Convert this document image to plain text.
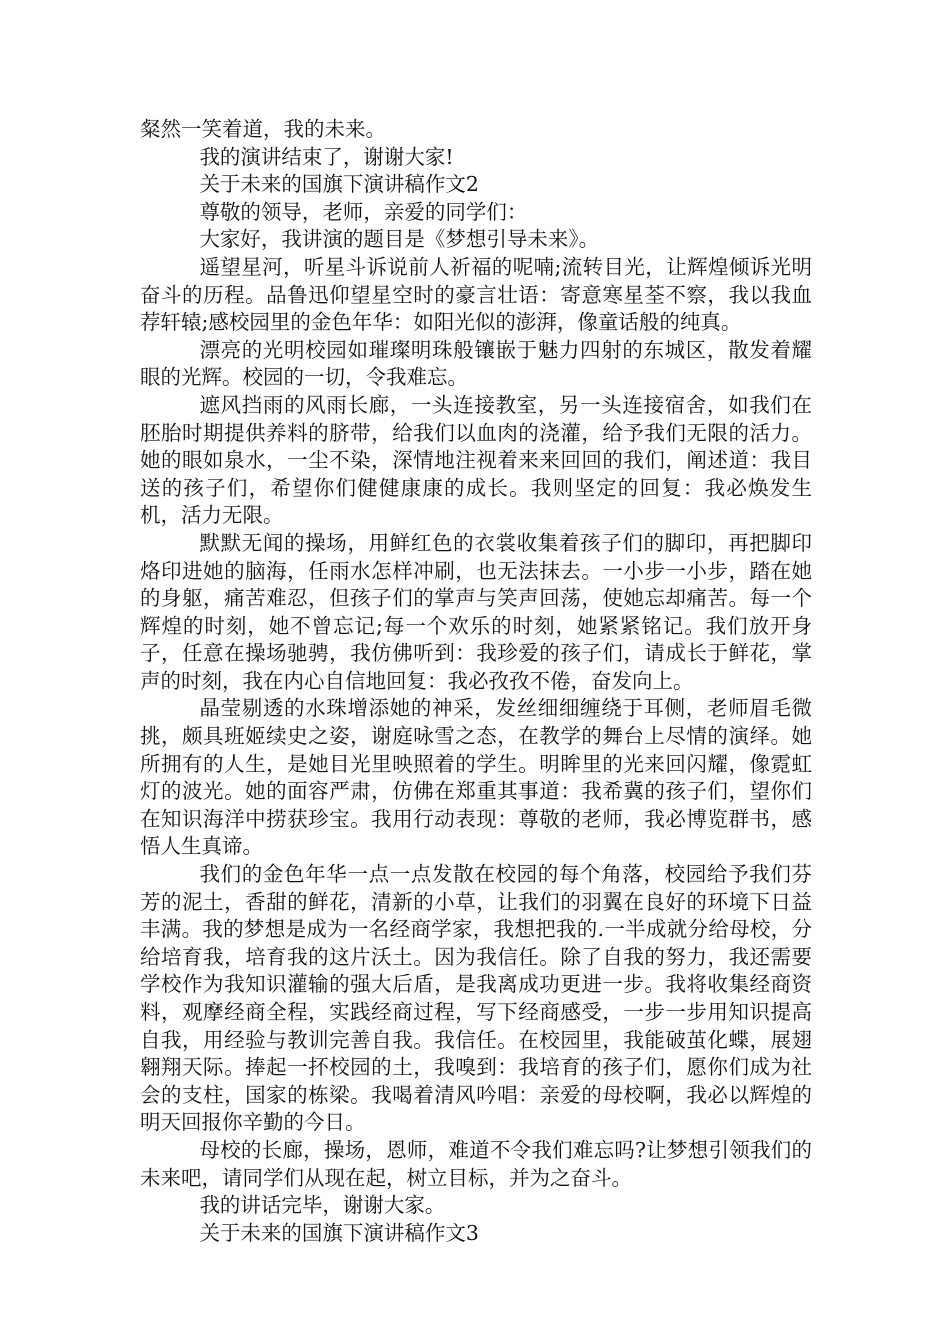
粲然一笑着道，我的未来。

我的演讲结束了，谢谢大家!

关于未来的国旗下演讲稿作文2

尊敬的领导，老师，亲爱的同学们：

大家好，我讲演的题目是《梦想引导未来》。

遥望星河，听星斗诉说前人祈福的呢喃;流转目光，让辉煌倾诉光明奋斗的历程。品鲁迅仰望星空时的豪言壮语：寄意寒星荃不察，我以我血荐轩辕;感校园里的金色年华：如阳光似的澎湃，像童话般的纯真。

漂亮的光明校园如璀璨明珠般镶嵌于魅力四射的东城区，散发着耀眼的光辉。校园的一切，令我难忘。

遮风挡雨的风雨长廊，一头连接教室，另一头连接宿舍，如我们在胚胎时期提供养料的脐带，给我们以血肉的浇灌，给予我们无限的活力。她的眼如泉水，一尘不染，深情地注视着来来回回的我们，阐述道：我目送的孩子们，希望你们健健康康的成长。我则坚定的回复：我必焕发生机，活力无限。

默默无闻的操场，用鲜红色的衣裳收集着孩子们的脚印，再把脚印烙印进她的脑海，任雨水怎样冲刷，也无法抹去。一小步一小步，踏在她的身躯，痛苦难忍，但孩子们的掌声与笑声回荡，使她忘却痛苦。每一个辉煌的时刻，她不曾忘记;每一个欢乐的时刻，她紧紧铭记。我们放开身子，任意在操场驰骋，我仿佛听到：我珍爱的孩子们，请成长于鲜花，掌声的时刻，我在内心自信地回复：我必孜孜不倦，奋发向上。

晶莹剔透的水珠增添她的神采，发丝细细缠绕于耳侧，老师眉毛微挑，颇具班姬续史之姿，谢庭咏雪之态，在教学的舞台上尽情的演绎。她所拥有的人生，是她目光里映照着的学生。明眸里的光来回闪耀，像霓虹灯的波光。她的面容严肃，仿佛在郑重其事道：我希冀的孩子们，望你们在知识海洋中捞获珍宝。我用行动表现：尊敬的老师，我必博览群书，感悟人生真谛。

我们的金色年华一点一点发散在校园的每个角落，校园给予我们芬芳的泥土，香甜的鲜花，清新的小草，让我们的羽翼在良好的环境下日益丰满。我的梦想是成为一名经商学家，我想把我的.一半成就分给母校，分给培育我，培育我的这片沃土。因为我信任。除了自我的努力，我还需要学校作为我知识灌输的强大后盾，是我离成功更进一步。我将收集经商资料，观摩经商全程，实践经商过程，写下经商感受，一步一步用知识提高自我，用经验与教训完善自我。我信任。在校园里，我能破茧化蝶，展翅翱翔天际。捧起一抔校园的土，我嗅到：我培育的孩子们，愿你们成为社会的支柱，国家的栋梁。我喝着清风吟唱：亲爱的母校啊，我必以辉煌的明天回报你辛勤的今日。

母校的长廊，操场，恩师，难道不令我们难忘吗?让梦想引领我们的未来吧，请同学们从现在起，树立目标，并为之奋斗。

我的讲话完毕，谢谢大家。

关于未来的国旗下演讲稿作文3
